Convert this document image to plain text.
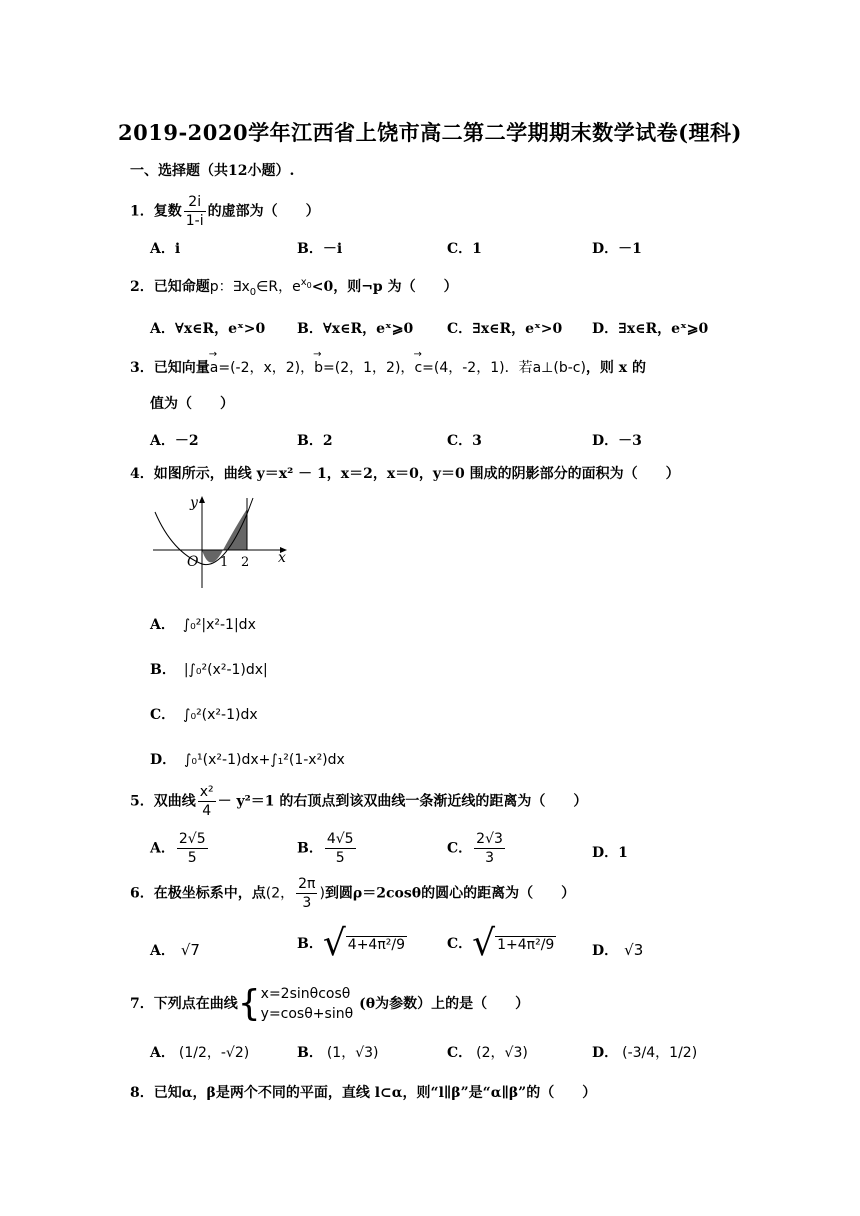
2019-2020学年江西省上饶市高二第二学期期末数学试卷(理科)
一、选择题（共12小题）.
1．复数 $\frac{2i}{1-i}$ 的虚部为（　　）
A．i	B．－i	C．1	D．－1
2．已知命题p：$\exists x_0\in R$，$e^{x_0}<0$，则¬p 为（　　）
A．∀x∈R，eˣ>0 B．∀x∈R，eˣ⩾0 C．∃x∈R，eˣ>0 D．∃x∈R，eˣ⩾0
3．已知向量→ a=(-2，x，2)，→ b=(2，1，2)，→ c=(4，-2，1)．若a⊥(b-c)，则 x 的
值为（　　）
A．－2	B．2	C．3	D．－3
4．如图所示，曲线 y＝x² － 1，x＝2，x＝0，y＝0 围成的阴影部分的面积为（　　）
y
x
O 1 2
A． ∫₀²|x²-1|dx
B． |∫₀²(x²-1)dx|
C． ∫₀²(x²-1)dx
D． ∫₀¹(x²-1)dx+∫₁²(1-x²)dx
5．双曲线 $\frac{\text{x²}}{4} - y^2=1$ 的右顶点到该双曲线一条渐近线的距离为（　　）
A． $\frac{2√5}{5}$	B． $\frac{4√5}{5}$	C． $\frac{2√3}{3}$	D．1
6．在极坐标系中，点(2， $\frac{2\pi}{3}$ )到圆ρ＝2cosθ的圆心的距离为（　　）
A． √7	B．√ 4+4π²/9	C．√ 1+4π²/9	D． √3
7．下列点在曲线{ x=2sinθcosθ
y=cosθ+sinθ
(θ为参数）上的是（　　）
A． (1/2，-√2)	B． (1，√3)	C． (2，√3)	D． (-3/4，1/2)
8．已知α，β是两个不同的平面，直线 l⊂α，则“l∥β”是“α∥β”的（　　）
